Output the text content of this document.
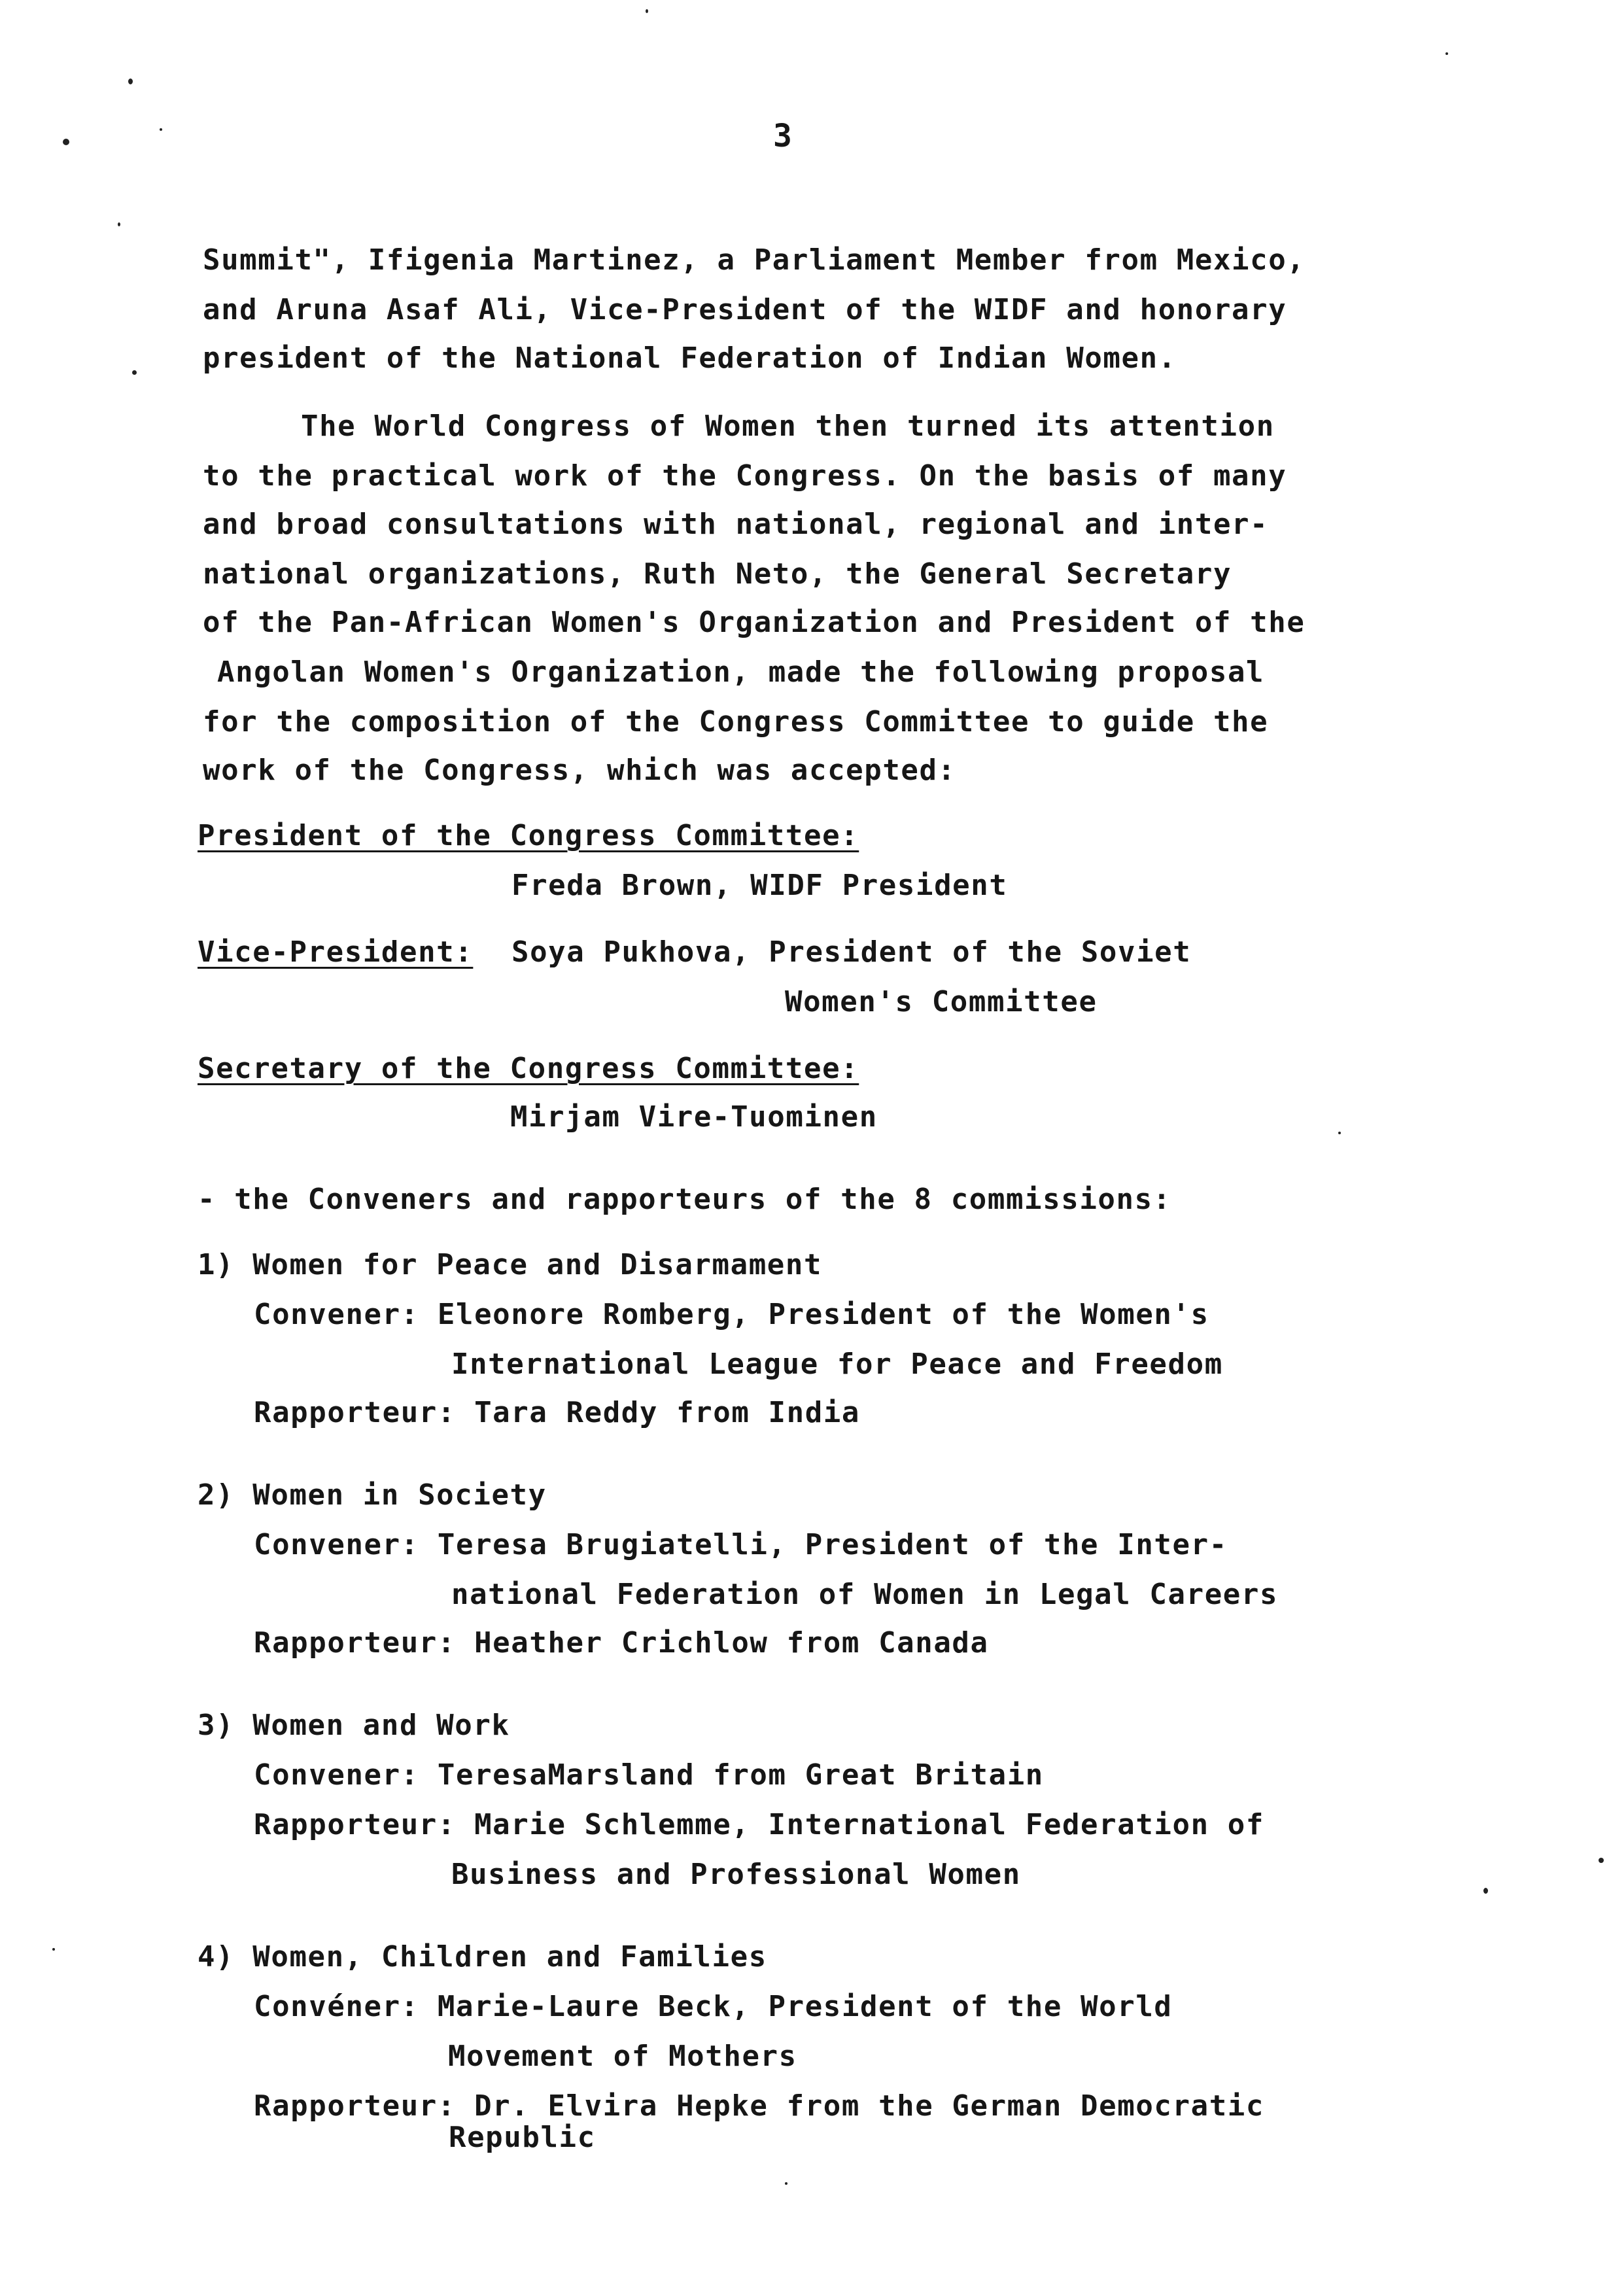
3
Summit", Ifigenia Martinez, a Parliament Member from Mexico,
and Aruna Asaf Ali, Vice-President of the WIDF and honorary
president of the National Federation of Indian Women.
The World Congress of Women then turned its attention
to the practical work of the Congress. On the basis of many
and broad consultations with national, regional and inter-
national organizations, Ruth Neto, the General Secretary
of the Pan-African Women's Organization and President of the
Angolan Women's Organization, made the following proposal
for the composition of the Congress Committee to guide the
work of the Congress, which was accepted:
President of the Congress Committee:
Freda Brown, WIDF President
Vice-President: Soya Pukhova, President of the Soviet
Women's Committee
Secretary of the Congress Committee:
Mirjam Vire-Tuominen
- the Conveners and rapporteurs of the 8 commissions:
1) Women for Peace and Disarmament
Convener: Eleonore Romberg, President of the Women's
International League for Peace and Freedom
Rapporteur: Tara Reddy from India
2) Women in Society
Convener: Teresa Brugiatelli, President of the Inter-
national Federation of Women in Legal Careers
Rapporteur: Heather Crichlow from Canada
3) Women and Work
Convener: TeresaMarsland from Great Britain
Rapporteur: Marie Schlemme, International Federation of
Business and Professional Women
4) Women, Children and Families
Convéner: Marie-Laure Beck, President of the World
Movement of Mothers
Rapporteur: Dr. Elvira Hepke from the German Democratic
Republic
